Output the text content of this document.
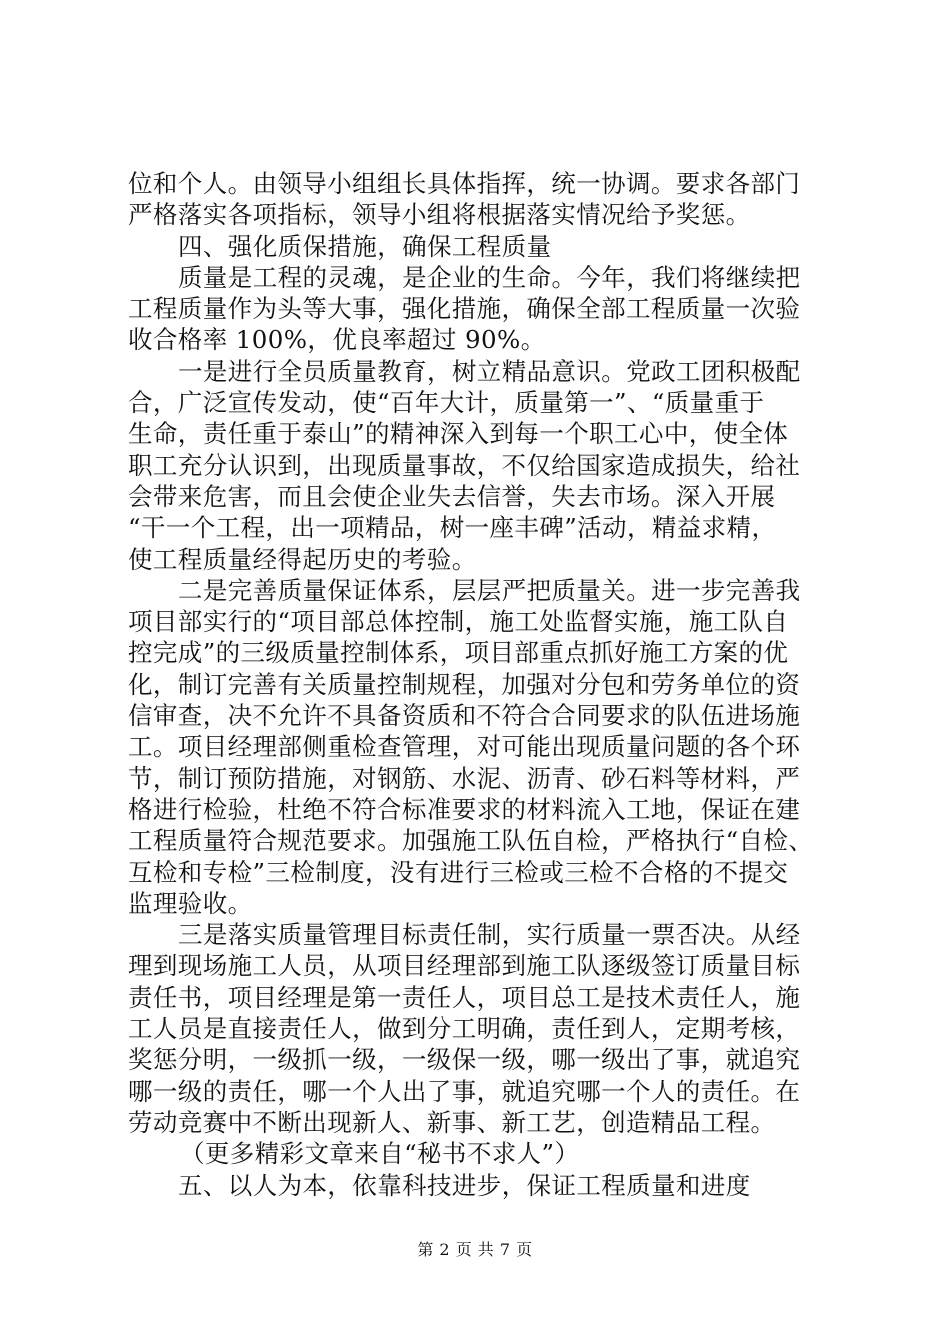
位和个人。由领导小组组长具体指挥，统一协调。要求各部门
严格落实各项指标，领导小组将根据落实情况给予奖惩。
四、强化质保措施，确保工程质量
质量是工程的灵魂，是企业的生命。今年，我们将继续把
工程质量作为头等大事，强化措施，确保全部工程质量一次验
收合格率 100%，优良率超过 90%。
一是进行全员质量教育，树立精品意识。党政工团积极配
合，广泛宣传发动，使“百年大计，质量第一”、“质量重于
生命，责任重于泰山”的精神深入到每一个职工心中，使全体
职工充分认识到，出现质量事故，不仅给国家造成损失，给社
会带来危害，而且会使企业失去信誉，失去市场。深入开展
“干一个工程，出一项精品，树一座丰碑”活动，精益求精，
使工程质量经得起历史的考验。
二是完善质量保证体系，层层严把质量关。进一步完善我
项目部实行的“项目部总体控制，施工处监督实施，施工队自
控完成”的三级质量控制体系，项目部重点抓好施工方案的优
化，制订完善有关质量控制规程，加强对分包和劳务单位的资
信审查，决不允许不具备资质和不符合合同要求的队伍进场施
工。项目经理部侧重检查管理，对可能出现质量问题的各个环
节，制订预防措施，对钢筋、水泥、沥青、砂石料等材料，严
格进行检验，杜绝不符合标准要求的材料流入工地，保证在建
工程质量符合规范要求。加强施工队伍自检，严格执行“自检、
互检和专检”三检制度，没有进行三检或三检不合格的不提交
监理验收。
三是落实质量管理目标责任制，实行质量一票否决。从经
理到现场施工人员，从项目经理部到施工队逐级签订质量目标
责任书，项目经理是第一责任人，项目总工是技术责任人，施
工人员是直接责任人，做到分工明确，责任到人，定期考核，
奖惩分明，一级抓一级，一级保一级，哪一级出了事，就追究
哪一级的责任，哪一个人出了事，就追究哪一个人的责任。在
劳动竞赛中不断出现新人、新事、新工艺，创造精品工程。
（更多精彩文章来自“秘书不求人”）
五、以人为本，依靠科技进步，保证工程质量和进度
第 2 页 共 7 页
